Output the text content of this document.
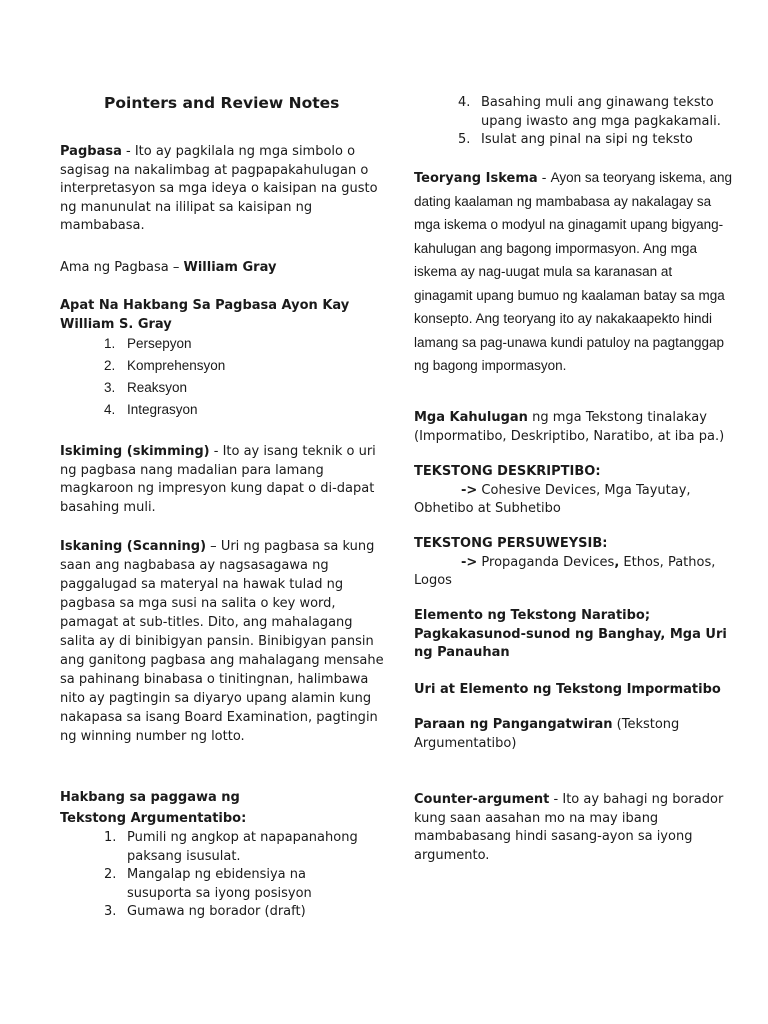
Pointers and Review Notes

Pagbasa - Ito ay pagkilala ng mga simbolo o sagisag na nakalimbag at pagpapakahulugan o interpretasyon sa mga ideya o kaisipan na gusto ng manunulat na ililipat sa kaisipan ng mambabasa.

Ama ng Pagbasa – William Gray

Apat Na Hakbang Sa Pagbasa Ayon Kay William S. Gray

1. Persepyon
2. Komprehensyon
3. Reaksyon
4. Integrasyon

Iskiming (skimming) - Ito ay isang teknik o uri ng pagbasa nang madalian para lamang magkaroon ng impresyon kung dapat o di-dapat basahing muli.

Iskaning (Scanning) – Uri ng pagbasa sa kung saan ang nagbabasa ay nagsasagawa ng paggalugad sa materyal na hawak tulad ng pagbasa sa mga susi na salita o key word, pamagat at sub-titles. Dito, ang mahalagang salita ay di binibigyan pansin. Binibigyan pansin ang ganitong pagbasa ang mahalagang mensahe sa pahinang binabasa o tinitingnan, halimbawa nito ay pagtingin sa diyaryo upang alamin kung nakapasa sa isang Board Examination, pagtingin ng winning number ng lotto.

Hakbang sa paggawa ng Tekstong Argumentatibo:

1. Pumili ng angkop at napapanahong paksang isusulat.
2. Mangalap ng ebidensiya na susuporta sa iyong posisyon
3. Gumawa ng borador (draft)
4. Basahing muli ang ginawang teksto upang iwasto ang mga pagkakamali.
5. Isulat ang pinal na sipi ng teksto

Teoryang Iskema - Ayon sa teoryang iskema, ang dating kaalaman ng mambabasa ay nakalagay sa mga iskema o modyul na ginagamit upang bigyang-kahulugan ang bagong impormasyon. Ang mga iskema ay nag-uugat mula sa karanasan at ginagamit upang bumuo ng kaalaman batay sa mga konsepto. Ang teoryang ito ay nakakaapekto hindi lamang sa pag-unawa kundi patuloy na pagtanggap ng bagong impormasyon.

Mga Kahulugan ng mga Tekstong tinalakay (Impormatibo, Deskriptibo, Naratibo, at iba pa.)

TEKSTONG DESKRIPTIBO:

-> Cohesive Devices, Mga Tayutay,

Obhetibo at Subhetibo

TEKSTONG PERSUWEYSIB:

-> Propaganda Devices, Ethos, Pathos,

Logos

Elemento ng Tekstong Naratibo; Pagkakasunod-sunod ng Banghay, Mga Uri ng Panauhan

Uri at Elemento ng Tekstong Impormatibo

Paraan ng Pangangatwiran (Tekstong Argumentatibo)

Counter-argument - Ito ay bahagi ng borador kung saan aasahan mo na may ibang mambabasang hindi sasang-ayon sa iyong argumento.
